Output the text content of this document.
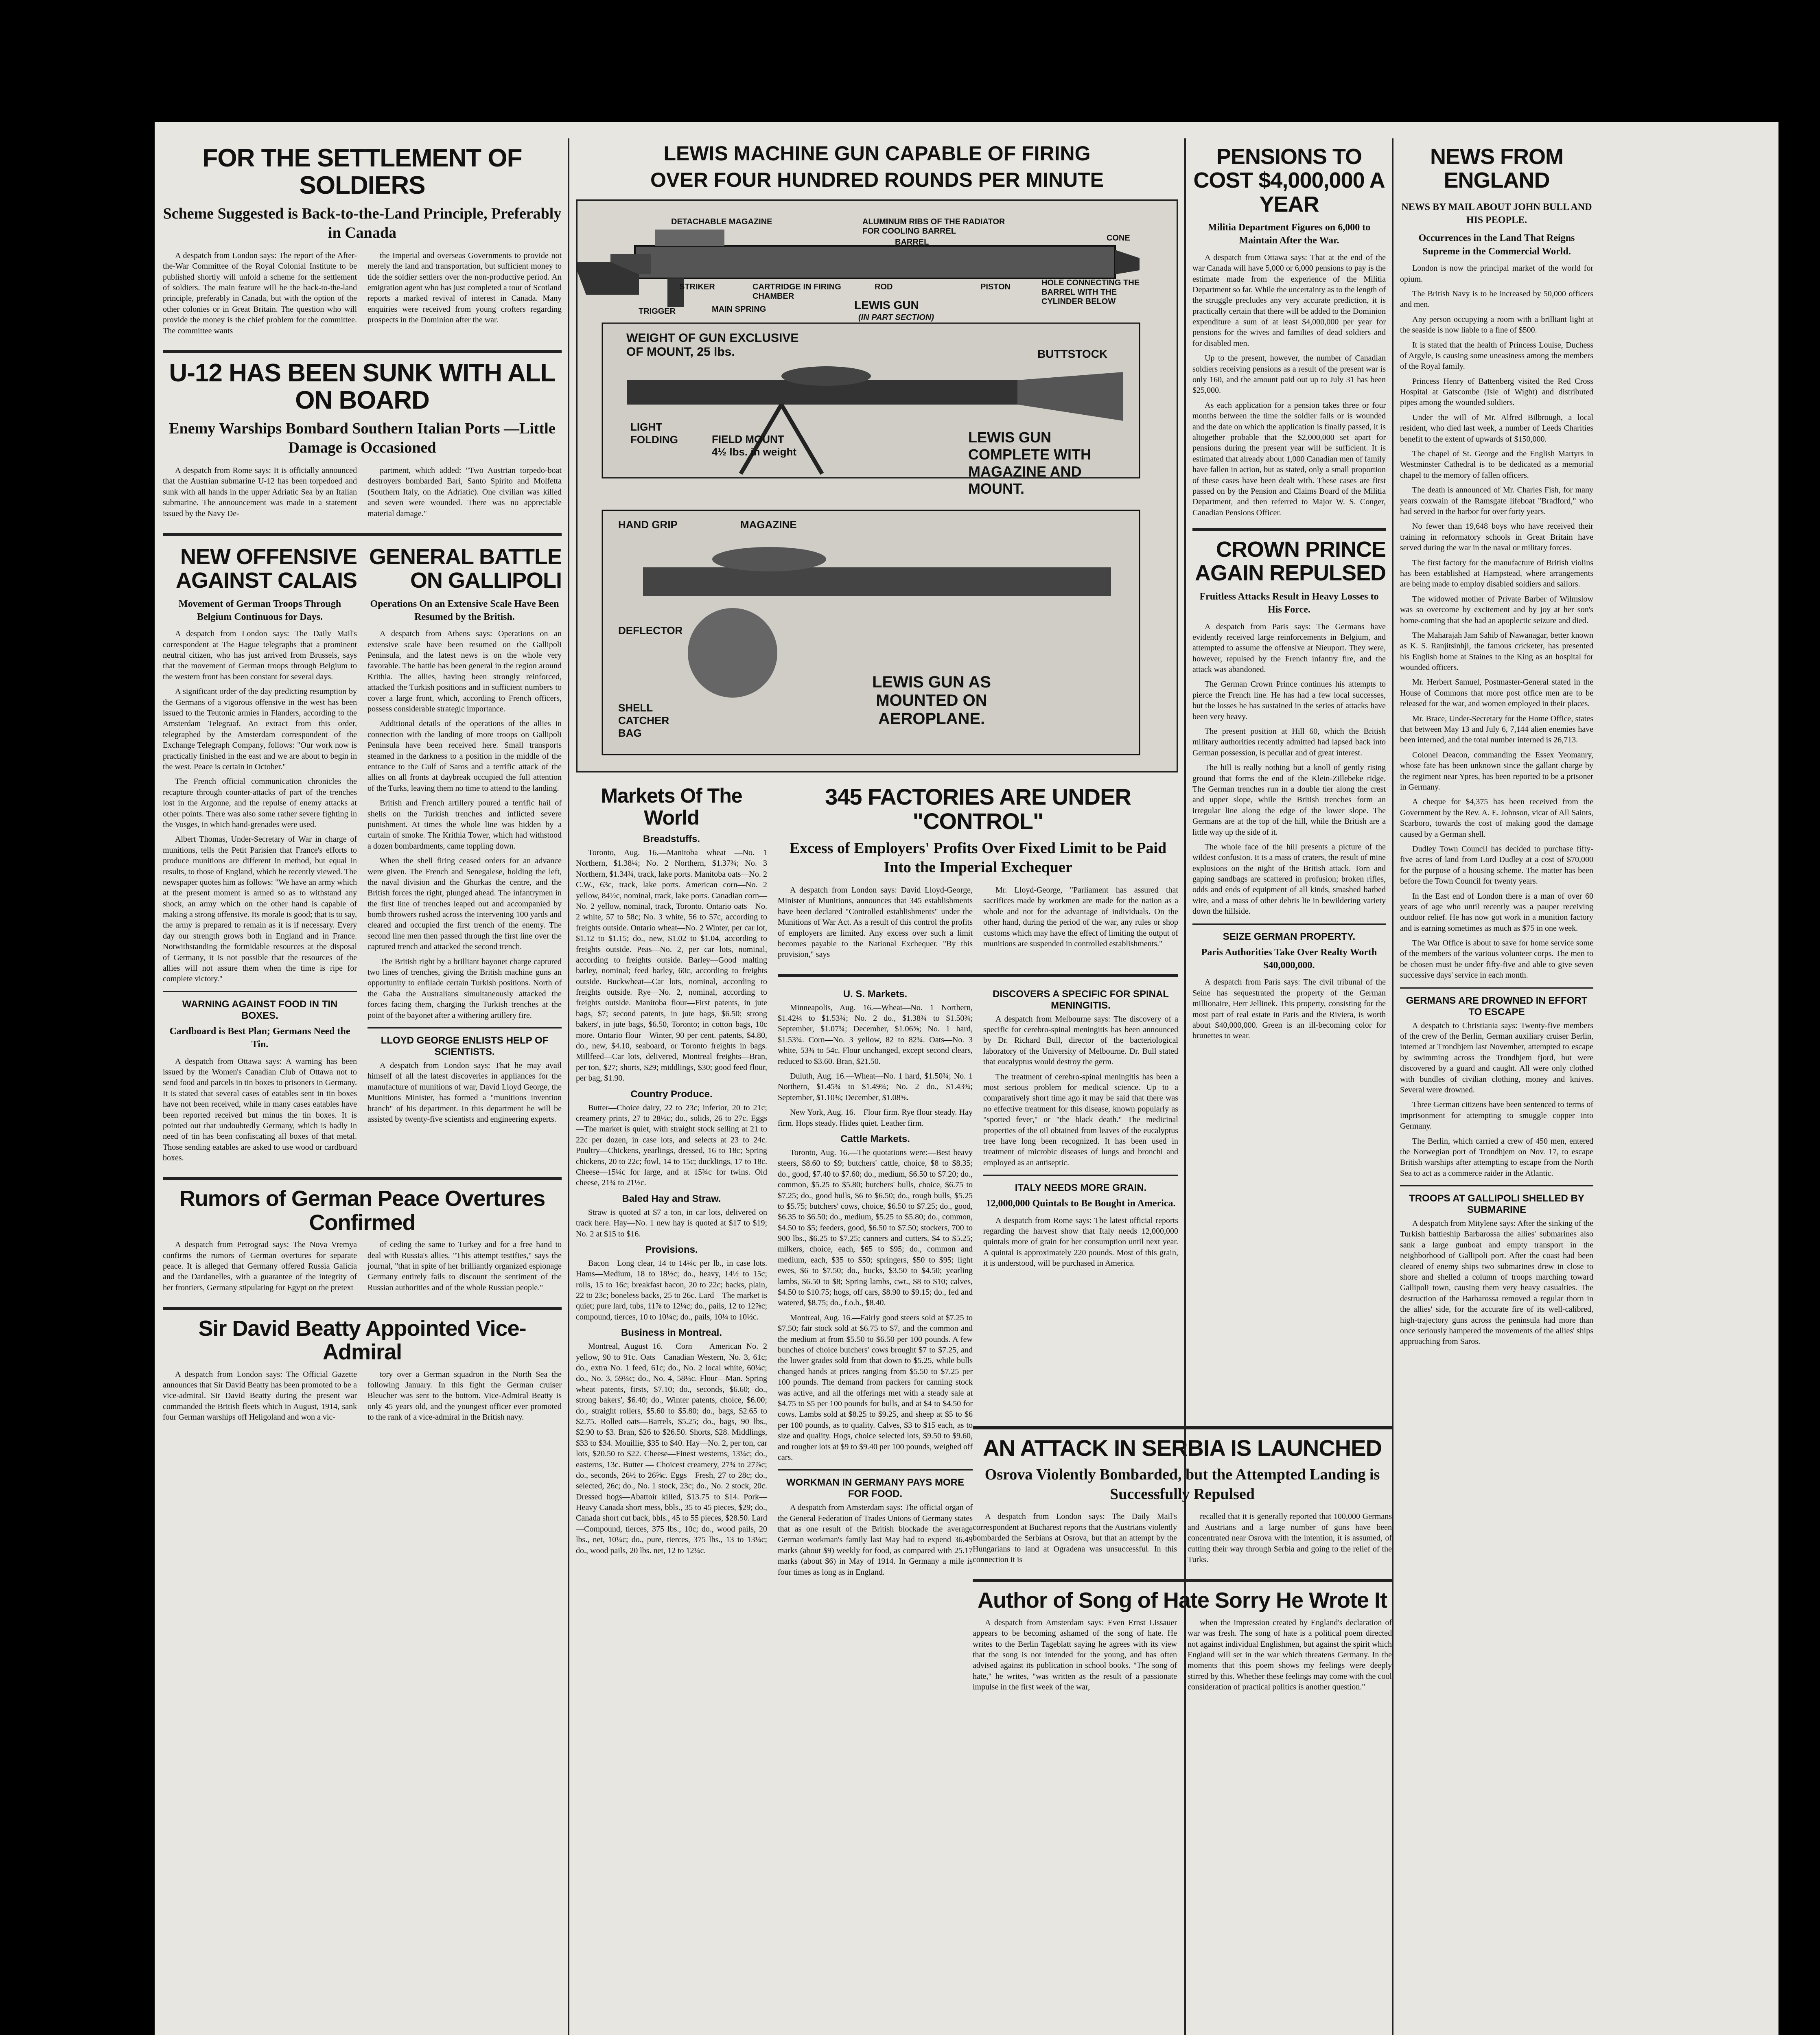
FOR THE SETTLEMENT OF SOLDIERS
Scheme Suggested is Back-to-the-Land Principle, Preferably in Canada

A despatch from London says: The report of the After-the-War Committee of the Royal Colonial Institute to be published shortly will unfold a scheme for the settlement of soldiers. The main feature will be the back-to-the-land principle, preferably in Canada, but with the option of the other colonies or in Great Britain. The question who will provide the money is the chief problem for the committee. The committee wants

the Imperial and overseas Governments to provide not merely the land and transportation, but sufficient money to tide the soldier settlers over the non-productive period. An emigration agent who has just completed a tour of Scotland reports a marked revival of interest in Canada. Many enquiries were received from young crofters regarding prospects in the Dominion after the war.

U-12 HAS BEEN SUNK WITH ALL ON BOARD
Enemy Warships Bombard Southern Italian Ports —Little Damage is Occasioned

A despatch from Rome says: It is officially announced that the Austrian submarine U-12 has been torpedoed and sunk with all hands in the upper Adriatic Sea by an Italian submarine. The announcement was made in a statement issued by the Navy De-

partment, which added: "Two Austrian torpedo-boat destroyers bombarded Bari, Santo Spirito and Molfetta (Southern Italy, on the Adriatic). One civilian was killed and seven were wounded. There was no appreciable material damage."

NEW OFFENSIVE AGAINST CALAIS
Movement of German Troops Through Belgium Continuous for Days.

A despatch from London says: The Daily Mail's correspondent at The Hague telegraphs that a prominent neutral citizen, who has just arrived from Brussels, says that the movement of German troops through Belgium to the western front has been constant for several days.

A significant order of the day predicting resumption by the Germans of a vigorous offensive in the west has been issued to the Teutonic armies in Flanders, according to the Amsterdam Telegraaf. An extract from this order, telegraphed by the Amsterdam correspondent of the Exchange Telegraph Company, follows: "Our work now is practically finished in the east and we are about to begin in the west. Peace is certain in October."

The French official communication chronicles the recapture through counter-attacks of part of the trenches lost in the Argonne, and the repulse of enemy attacks at other points. There was also some rather severe fighting in the Vosges, in which hand-grenades were used.

Albert Thomas, Under-Secretary of War in charge of munitions, tells the Petit Parisien that France's efforts to produce munitions are different in method, but equal in results, to those of England, which he recently viewed. The newspaper quotes him as follows: "We have an army which at the present moment is armed so as to withstand any shock, an army which on the other hand is capable of making a strong offensive. Its morale is good; that is to say, the army is prepared to remain as it is if necessary. Every day our strength grows both in England and in France. Notwithstanding the formidable resources at the disposal of Germany, it is not possible that the resources of the allies will not assure them when the time is ripe for complete victory."

WARNING AGAINST FOOD IN TIN BOXES.
Cardboard is Best Plan; Germans Need the Tin.

A despatch from Ottawa says: A warning has been issued by the Women's Canadian Club of Ottawa not to send food and parcels in tin boxes to prisoners in Germany. It is stated that several cases of eatables sent in tin boxes have not been received, while in many cases eatables have been reported received but minus the tin boxes. It is pointed out that undoubtedly Germany, which is badly in need of tin has been confiscating all boxes of that metal. Those sending eatables are asked to use wood or cardboard boxes.

GENERAL BATTLE ON GALLIPOLI
Operations On an Extensive Scale Have Been Resumed by the British.

A despatch from Athens says: Operations on an extensive scale have been resumed on the Gallipoli Peninsula, and the latest news is on the whole very favorable. The battle has been general in the region around Krithia. The allies, having been strongly reinforced, attacked the Turkish positions and in sufficient numbers to cover a large front, which, according to French officers, possess considerable strategic importance.

Additional details of the operations of the allies in connection with the landing of more troops on Gallipoli Peninsula have been received here. Small transports steamed in the darkness to a position in the middle of the entrance to the Gulf of Saros and a terrific attack of the allies on all fronts at daybreak occupied the full attention of the Turks, leaving them no time to attend to the landing.

British and French artillery poured a terrific hail of shells on the Turkish trenches and inflicted severe punishment. At times the whole line was hidden by a curtain of smoke. The Krithia Tower, which had withstood a dozen bombardments, came toppling down.

When the shell firing ceased orders for an advance were given. The French and Senegalese, holding the left, the naval division and the Ghurkas the centre, and the British forces the right, plunged ahead. The infantrymen in the first line of trenches leaped out and accompanied by bomb throwers rushed across the intervening 100 yards and cleared and occupied the first trench of the enemy. The second line men then passed through the first line over the captured trench and attacked the second trench.

The British right by a brilliant bayonet charge captured two lines of trenches, giving the British machine guns an opportunity to enfilade certain Turkish positions. North of the Gaba the Australians simultaneously attacked the forces facing them, charging the Turkish trenches at the point of the bayonet after a withering artillery fire.

LLOYD GEORGE ENLISTS HELP OF SCIENTISTS.

A despatch from London says: That he may avail himself of all the latest discoveries in appliances for the manufacture of munitions of war, David Lloyd George, the Munitions Minister, has formed a "munitions invention branch" of his department. In this department he will be assisted by twenty-five scientists and engineering experts.

Rumors of German Peace Overtures Confirmed

A despatch from Petrograd says: The Nova Vremya confirms the rumors of German overtures for separate peace. It is alleged that Germany offered Russia Galicia and the Dardanelles, with a guarantee of the integrity of her frontiers, Germany stipulating for Egypt on the pretext

of ceding the same to Turkey and for a free hand to deal with Russia's allies. "This attempt testifies," says the journal, "that in spite of her brilliantly organized espionage Germany entirely fails to discount the sentiment of the Russian authorities and of the whole Russian people."

Sir David Beatty Appointed Vice-Admiral

A despatch from London says: The Official Gazette announces that Sir David Beatty has been promoted to be a vice-admiral. Sir David Beatty during the present war commanded the British fleets which in August, 1914, sank four German warships off Heligoland and won a vic-

tory over a German squadron in the North Sea the following January. In this fight the German cruiser Bleucher was sent to the bottom. Vice-Admiral Beatty is only 45 years old, and the youngest officer ever promoted to the rank of a vice-admiral in the British navy.

LEWIS MACHINE GUN CAPABLE OF FIRING
OVER FOUR HUNDRED ROUNDS PER MINUTE
DETACHABLE MAGAZINE	ALUMINUM RIBS OF THE RADIATOR FOR COOLING BARREL
BARREL	CONE
STRIKER	CARTRIDGE IN FIRING CHAMBER
ROD	PISTON	HOLE CONNECTING THE BARREL WITH THE CYLINDER BELOW
TRIGGER	MAIN SPRING	LEWIS GUN
(IN PART SECTION)
WEIGHT OF GUN EXCLUSIVE OF MOUNT, 25 lbs.	BUTTSTOCK
LIGHT FOLDING	FIELD MOUNT 4½ lbs. in weight
LEWIS GUN COMPLETE WITH MAGAZINE AND MOUNT.
HAND GRIP	MAGAZINE
DEFLECTOR
SHELL CATCHER BAG
LEWIS GUN AS MOUNTED ON AEROPLANE.
Markets Of The World
Breadstuffs.

Toronto, Aug. 16.—Manitoba wheat —No. 1 Northern, $1.38¼; No. 2 Northern, $1.37¾; No. 3 Northern, $1.34¾, track, lake ports. Manitoba oats—No. 2 C.W., 63c, track, lake ports. American corn—No. 2 yellow, 84½c, nominal, track, lake ports. Canadian corn—No. 2 yellow, nominal, track, Toronto. Ontario oats—No. 2 white, 57 to 58c; No. 3 white, 56 to 57c, according to freights outside. Ontario wheat—No. 2 Winter, per car lot, $1.12 to $1.15; do., new, $1.02 to $1.04, according to freights outside. Peas—No. 2, per car lots, nominal, according to freights outside. Barley—Good malting barley, nominal; feed barley, 60c, according to freights outside. Buckwheat—Car lots, nominal, according to freights outside. Rye—No. 2, nominal, according to freights outside. Manitoba flour—First patents, in jute bags, $7; second patents, in jute bags, $6.50; strong bakers', in jute bags, $6.50, Toronto; in cotton bags, 10c more. Ontario flour—Winter, 90 per cent. patents, $4.80, do., new, $4.10, seaboard, or Toronto freights in bags. Millfeed—Car lots, delivered, Montreal freights—Bran, per ton, $27; shorts, $29; middlings, $30; good feed flour, per bag, $1.90.

Country Produce.

Butter—Choice dairy, 22 to 23c; inferior, 20 to 21c; creamery prints, 27 to 28½c; do., solids, 26 to 27c. Eggs—The market is quiet, with straight stock selling at 21 to 22c per dozen, in case lots, and selects at 23 to 24c. Poultry—Chickens, yearlings, dressed, 16 to 18c; Spring chickens, 20 to 22c; fowl, 14 to 15c; ducklings, 17 to 18c. Cheese—15¼c for large, and at 15¾c for twins. Old cheese, 21¾ to 21½c.

Baled Hay and Straw.

Straw is quoted at $7 a ton, in car lots, delivered on track here. Hay—No. 1 new hay is quoted at $17 to $19; No. 2 at $15 to $16.

Provisions.

Bacon—Long clear, 14 to 14¼c per lb., in case lots. Hams—Medium, 18 to 18½c; do., heavy, 14½ to 15c; rolls, 15 to 16c; breakfast bacon, 20 to 22c; backs, plain, 22 to 23c; boneless backs, 25 to 26c. Lard—The market is quiet; pure lard, tubs, 11⅞ to 12¼c; do., pails, 12 to 12⅞c; compound, tierces, 10 to 10¼c; do., pails, 10¼ to 10½c.

Business in Montreal.

Montreal, August 16.— Corn — American No. 2 yellow, 90 to 91c. Oats—Canadian Western, No. 3, 61c; do., extra No. 1 feed, 61c; do., No. 2 local white, 60¼c; do., No. 3, 59¼c; do., No. 4, 58¼c. Flour—Man. Spring wheat patents, firsts, $7.10; do., seconds, $6.60; do., strong bakers', $6.40; do., Winter patents, choice, $6.00; do., straight rollers, $5.60 to $5.80; do., bags, $2.65 to $2.75. Rolled oats—Barrels, $5.25; do., bags, 90 lbs., $2.90 to $3. Bran, $26 to $26.50. Shorts, $28. Middlings, $33 to $34. Mouillie, $35 to $40. Hay—No. 2, per ton, car lots, $20.50 to $22. Cheese—Finest westerns, 13¼c; do., easterns, 13c. Butter — Choicest creamery, 27¾ to 27⅞c; do., seconds, 26½ to 26⅝c. Eggs—Fresh, 27 to 28c; do., selected, 26c; do., No. 1 stock, 23c; do., No. 2 stock, 20c. Dressed hogs—Abattoir killed, $13.75 to $14. Pork—Heavy Canada short mess, bbls., 35 to 45 pieces, $29; do., Canada short cut back, bbls., 45 to 55 pieces, $28.50. Lard—Compound, tierces, 375 lbs., 10c; do., wood pails, 20 lbs., net, 10¼c; do., pure, tierces, 375 lbs., 13 to 13¼c; do., wood pails, 20 lbs. net, 12 to 12¼c.

345 FACTORIES ARE UNDER "CONTROL"
Excess of Employers' Profits Over Fixed Limit to be Paid Into the Imperial Exchequer

A despatch from London says: David Lloyd-George, Minister of Munitions, announces that 345 establishments have been declared "Controlled establishments" under the Munitions of War Act. As a result of this control the profits of employers are limited. Any excess over such a limit becomes payable to the National Exchequer. "By this provision," says

Mr. Lloyd-George, "Parliament has assured that sacrifices made by workmen are made for the nation as a whole and not for the advantage of individuals. On the other hand, during the period of the war, any rules or shop customs which may have the effect of limiting the output of munitions are suspended in controlled establishments."

U. S. Markets.

Minneapolis, Aug. 16.—Wheat—No. 1 Northern, $1.42¼ to $1.53¾; No. 2 do., $1.38¾ to $1.50¾; September, $1.07¾; December, $1.06⅝; No. 1 hard, $1.53¾. Corn—No. 3 yellow, 82 to 82¾. Oats—No. 3 white, 53¾ to 54c. Flour unchanged, except second clears, reduced to $3.60. Bran, $21.50.

Duluth, Aug. 16.—Wheat—No. 1 hard, $1.50¾; No. 1 Northern, $1.45¾ to $1.49¾; No. 2 do., $1.43¾; September, $1.10⅜; December, $1.08⅝.

New York, Aug. 16.—Flour firm. Rye flour steady. Hay firm. Hops steady. Hides quiet. Leather firm.

Cattle Markets.

Toronto, Aug. 16.—The quotations were:—Best heavy steers, $8.60 to $9; butchers' cattle, choice, $8 to $8.35; do., good, $7.40 to $7.60; do., medium, $6.50 to $7.20; do., common, $5.25 to $5.80; butchers' bulls, choice, $6.75 to $7.25; do., good bulls, $6 to $6.50; do., rough bulls, $5.25 to $5.75; butchers' cows, choice, $6.50 to $7.25; do., good, $6.35 to $6.50; do., medium, $5.25 to $5.80; do., common, $4.50 to $5; feeders, good, $6.50 to $7.50; stockers, 700 to 900 lbs., $6.25 to $7.25; canners and cutters, $4 to $5.25; milkers, choice, each, $65 to $95; do., common and medium, each, $35 to $50; springers, $50 to $95; light ewes, $6 to $7.50; do., bucks, $3.50 to $4.50; yearling lambs, $6.50 to $8; Spring lambs, cwt., $8 to $10; calves, $4.50 to $10.75; hogs, off cars, $8.90 to $9.15; do., fed and watered, $8.75; do., f.o.b., $8.40.

Montreal, Aug. 16.—Fairly good steers sold at $7.25 to $7.50; fair stock sold at $6.75 to $7, and the common and the medium at from $5.50 to $6.50 per 100 pounds. A few bunches of choice butchers' cows brought $7 to $7.25, and the lower grades sold from that down to $5.25, while bulls changed hands at prices ranging from $5.50 to $7.25 per 100 pounds. The demand from packers for canning stock was active, and all the offerings met with a steady sale at $4.75 to $5 per 100 pounds for bulls, and at $4 to $4.50 for cows. Lambs sold at $8.25 to $9.25, and sheep at $5 to $6 per 100 pounds, as to quality. Calves, $3 to $15 each, as to size and quality. Hogs, choice selected lots, $9.50 to $9.60, and rougher lots at $9 to $9.40 per 100 pounds, weighed off cars.

WORKMAN IN GERMANY PAYS MORE FOR FOOD.

A despatch from Amsterdam says: The official organ of the General Federation of Trades Unions of Germany states that as one result of the British blockade the average German workman's family last May had to expend 36.49 marks (about $9) weekly for food, as compared with 25.17 marks (about $6) in May of 1914. In Germany a mile is four times as long as in England.

DISCOVERS A SPECIFIC FOR SPINAL MENINGITIS.

A despatch from Melbourne says: The discovery of a specific for cerebro-spinal meningitis has been announced by Dr. Richard Bull, director of the bacteriological laboratory of the University of Melbourne. Dr. Bull stated that eucalyptus would destroy the germ.

The treatment of cerebro-spinal meningitis has been a most serious problem for medical science. Up to a comparatively short time ago it may be said that there was no effective treatment for this disease, known popularly as "spotted fever," or "the black death." The medicinal properties of the oil obtained from leaves of the eucalyptus tree have long been recognized. It has been used in treatment of microbic diseases of lungs and bronchi and employed as an antiseptic.

ITALY NEEDS MORE GRAIN.
12,000,000 Quintals to Be Bought in America.

A despatch from Rome says: The latest official reports regarding the harvest show that Italy needs 12,000,000 quintals more of grain for her consumption until next year. A quintal is approximately 220 pounds. Most of this grain, it is understood, will be purchased in America.

PENSIONS TO COST $4,000,000 A YEAR
Militia Department Figures on 6,000 to Maintain After the War.

A despatch from Ottawa says: That at the end of the war Canada will have 5,000 or 6,000 pensions to pay is the estimate made from the experience of the Militia Department so far. While the uncertainty as to the length of the struggle precludes any very accurate prediction, it is practically certain that there will be added to the Dominion expenditure a sum of at least $4,000,000 per year for pensions for the wives and families of dead soldiers and for disabled men.

Up to the present, however, the number of Canadian soldiers receiving pensions as a result of the present war is only 160, and the amount paid out up to July 31 has been $25,000.

As each application for a pension takes three or four months between the time the soldier falls or is wounded and the date on which the application is finally passed, it is altogether probable that the $2,000,000 set apart for pensions during the present year will be sufficient. It is estimated that already about 1,000 Canadian men of family have fallen in action, but as stated, only a small proportion of these cases have been dealt with. These cases are first passed on by the Pension and Claims Board of the Militia Department, and then referred to Major W. S. Conger, Canadian Pensions Officer.

CROWN PRINCE AGAIN REPULSED
Fruitless Attacks Result in Heavy Losses to His Force.

A despatch from Paris says: The Germans have evidently received large reinforcements in Belgium, and attempted to assume the offensive at Nieuport. They were, however, repulsed by the French infantry fire, and the attack was abandoned.

The German Crown Prince continues his attempts to pierce the French line. He has had a few local successes, but the losses he has sustained in the series of attacks have been very heavy.

The present position at Hill 60, which the British military authorities recently admitted had lapsed back into German possession, is peculiar and of great interest.

The hill is really nothing but a knoll of gently rising ground that forms the end of the Klein-Zillebeke ridge. The German trenches run in a double tier along the crest and upper slope, while the British trenches form an irregular line along the edge of the lower slope. The Germans are at the top of the hill, while the British are a little way up the side of it.

The whole face of the hill presents a picture of the wildest confusion. It is a mass of craters, the result of mine explosions on the night of the British attack. Torn and gaping sandbags are scattered in profusion; broken rifles, odds and ends of equipment of all kinds, smashed barbed wire, and a mass of other debris lie in bewildering variety down the hillside.

SEIZE GERMAN PROPERTY.
Paris Authorities Take Over Realty Worth $40,000,000.

A despatch from Paris says: The civil tribunal of the Seine has sequestrated the property of the German millionaire, Herr Jellinek. This property, consisting for the most part of real estate in Paris and the Riviera, is worth about $40,000,000. Green is an ill-becoming color for brunettes to wear.

NEWS FROM ENGLAND
NEWS BY MAIL ABOUT JOHN BULL AND HIS PEOPLE.
Occurrences in the Land That Reigns Supreme in the Commercial World.

London is now the principal market of the world for opium.

The British Navy is to be increased by 50,000 officers and men.

Any person occupying a room with a brilliant light at the seaside is now liable to a fine of $500.

It is stated that the health of Princess Louise, Duchess of Argyle, is causing some uneasiness among the members of the Royal family.

Princess Henry of Battenberg visited the Red Cross Hospital at Gatscombe (Isle of Wight) and distributed pipes among the wounded soldiers.

Under the will of Mr. Alfred Bilbrough, a local resident, who died last week, a number of Leeds Charities benefit to the extent of upwards of $150,000.

The chapel of St. George and the English Martyrs in Westminster Cathedral is to be dedicated as a memorial chapel to the memory of fallen officers.

The death is announced of Mr. Charles Fish, for many years coxwain of the Ramsgate lifeboat "Bradford," who had served in the harbor for over forty years.

No fewer than 19,648 boys who have received their training in reformatory schools in Great Britain have served during the war in the naval or military forces.

The first factory for the manufacture of British violins has been established at Hampstead, where arrangements are being made to employ disabled soldiers and sailors.

The widowed mother of Private Barber of Wilmslow was so overcome by excitement and by joy at her son's home-coming that she had an apoplectic seizure and died.

The Maharajah Jam Sahib of Nawanagar, better known as K. S. Ranjitsinhji, the famous cricketer, has presented his English home at Staines to the King as an hospital for wounded officers.

Mr. Herbert Samuel, Postmaster-General stated in the House of Commons that more post office men are to be released for the war, and women employed in their places.

Mr. Brace, Under-Secretary for the Home Office, states that between May 13 and July 6, 7,144 alien enemies have been interned, and the total number interned is 26,713.

Colonel Deacon, commanding the Essex Yeomanry, whose fate has been unknown since the gallant charge by the regiment near Ypres, has been reported to be a prisoner in Germany.

A cheque for $4,375 has been received from the Government by the Rev. A. E. Johnson, vicar of All Saints, Scarboro, towards the cost of making good the damage caused by a German shell.

Dudley Town Council has decided to purchase fifty-five acres of land from Lord Dudley at a cost of $70,000 for the purpose of a housing scheme. The matter has been before the Town Council for twenty years.

In the East end of London there is a man of over 60 years of age who until recently was a pauper receiving outdoor relief. He has now got work in a munition factory and is earning sometimes as much as $75 in one week.

The War Office is about to save for home service some of the members of the various volunteer corps. The men to be chosen must be under fifty-five and able to give seven successive days' service in each month.

GERMANS ARE DROWNED IN EFFORT TO ESCAPE

A despatch to Christiania says: Twenty-five members of the crew of the Berlin, German auxiliary cruiser Berlin, interned at Trondhjem last November, attempted to escape by swimming across the Trondhjem fjord, but were discovered by a guard and caught. All were only clothed with bundles of civilian clothing, money and knives. Several were drowned.

Three German citizens have been sentenced to terms of imprisonment for attempting to smuggle copper into Germany.

The Berlin, which carried a crew of 450 men, entered the Norwegian port of Trondhjem on Nov. 17, to escape British warships after attempting to escape from the North Sea to act as a commerce raider in the Atlantic.

TROOPS AT GALLIPOLI SHELLED BY SUBMARINE

A despatch from Mitylene says: After the sinking of the Turkish battleship Barbarossa the allies' submarines also sank a large gunboat and empty transport in the neighborhood of Gallipoli port. After the coast had been cleared of enemy ships two submarines drew in close to shore and shelled a column of troops marching toward Gallipoli town, causing them very heavy casualties. The destruction of the Barbarossa removed a regular thorn in the allies' side, for the accurate fire of its well-calibred, high-trajectory guns across the peninsula had more than once seriously hampered the movements of the allies' ships approaching from Saros.

AN ATTACK IN SERBIA IS LAUNCHED
Osrova Violently Bombarded, but the Attempted Landing is Successfully Repulsed

A despatch from London says: The Daily Mail's correspondent at Bucharest reports that the Austrians violently bombarded the Serbians at Osrova, but that an attempt by the Hungarians to land at Ogradena was unsuccessful. In this connection it is

recalled that it is generally reported that 100,000 Germans and Austrians and a large number of guns have been concentrated near Osrova with the intention, it is assumed, of cutting their way through Serbia and going to the relief of the Turks.

Author of Song of Hate Sorry He Wrote It

A despatch from Amsterdam says: Even Ernst Lissauer appears to be becoming ashamed of the song of hate. He writes to the Berlin Tageblatt saying he agrees with its view that the song is not intended for the young, and has often advised against its publication in school books. "The song of hate," he writes, "was written as the result of a passionate impulse in the first week of the war,

when the impression created by England's declaration of war was fresh. The song of hate is a political poem directed not against individual Englishmen, but against the spirit which England will set in the war which threatens Germany. In the moments that this poem shows my feelings were deeply stirred by this. Whether these feelings may come with the cool consideration of practical politics is another question."
